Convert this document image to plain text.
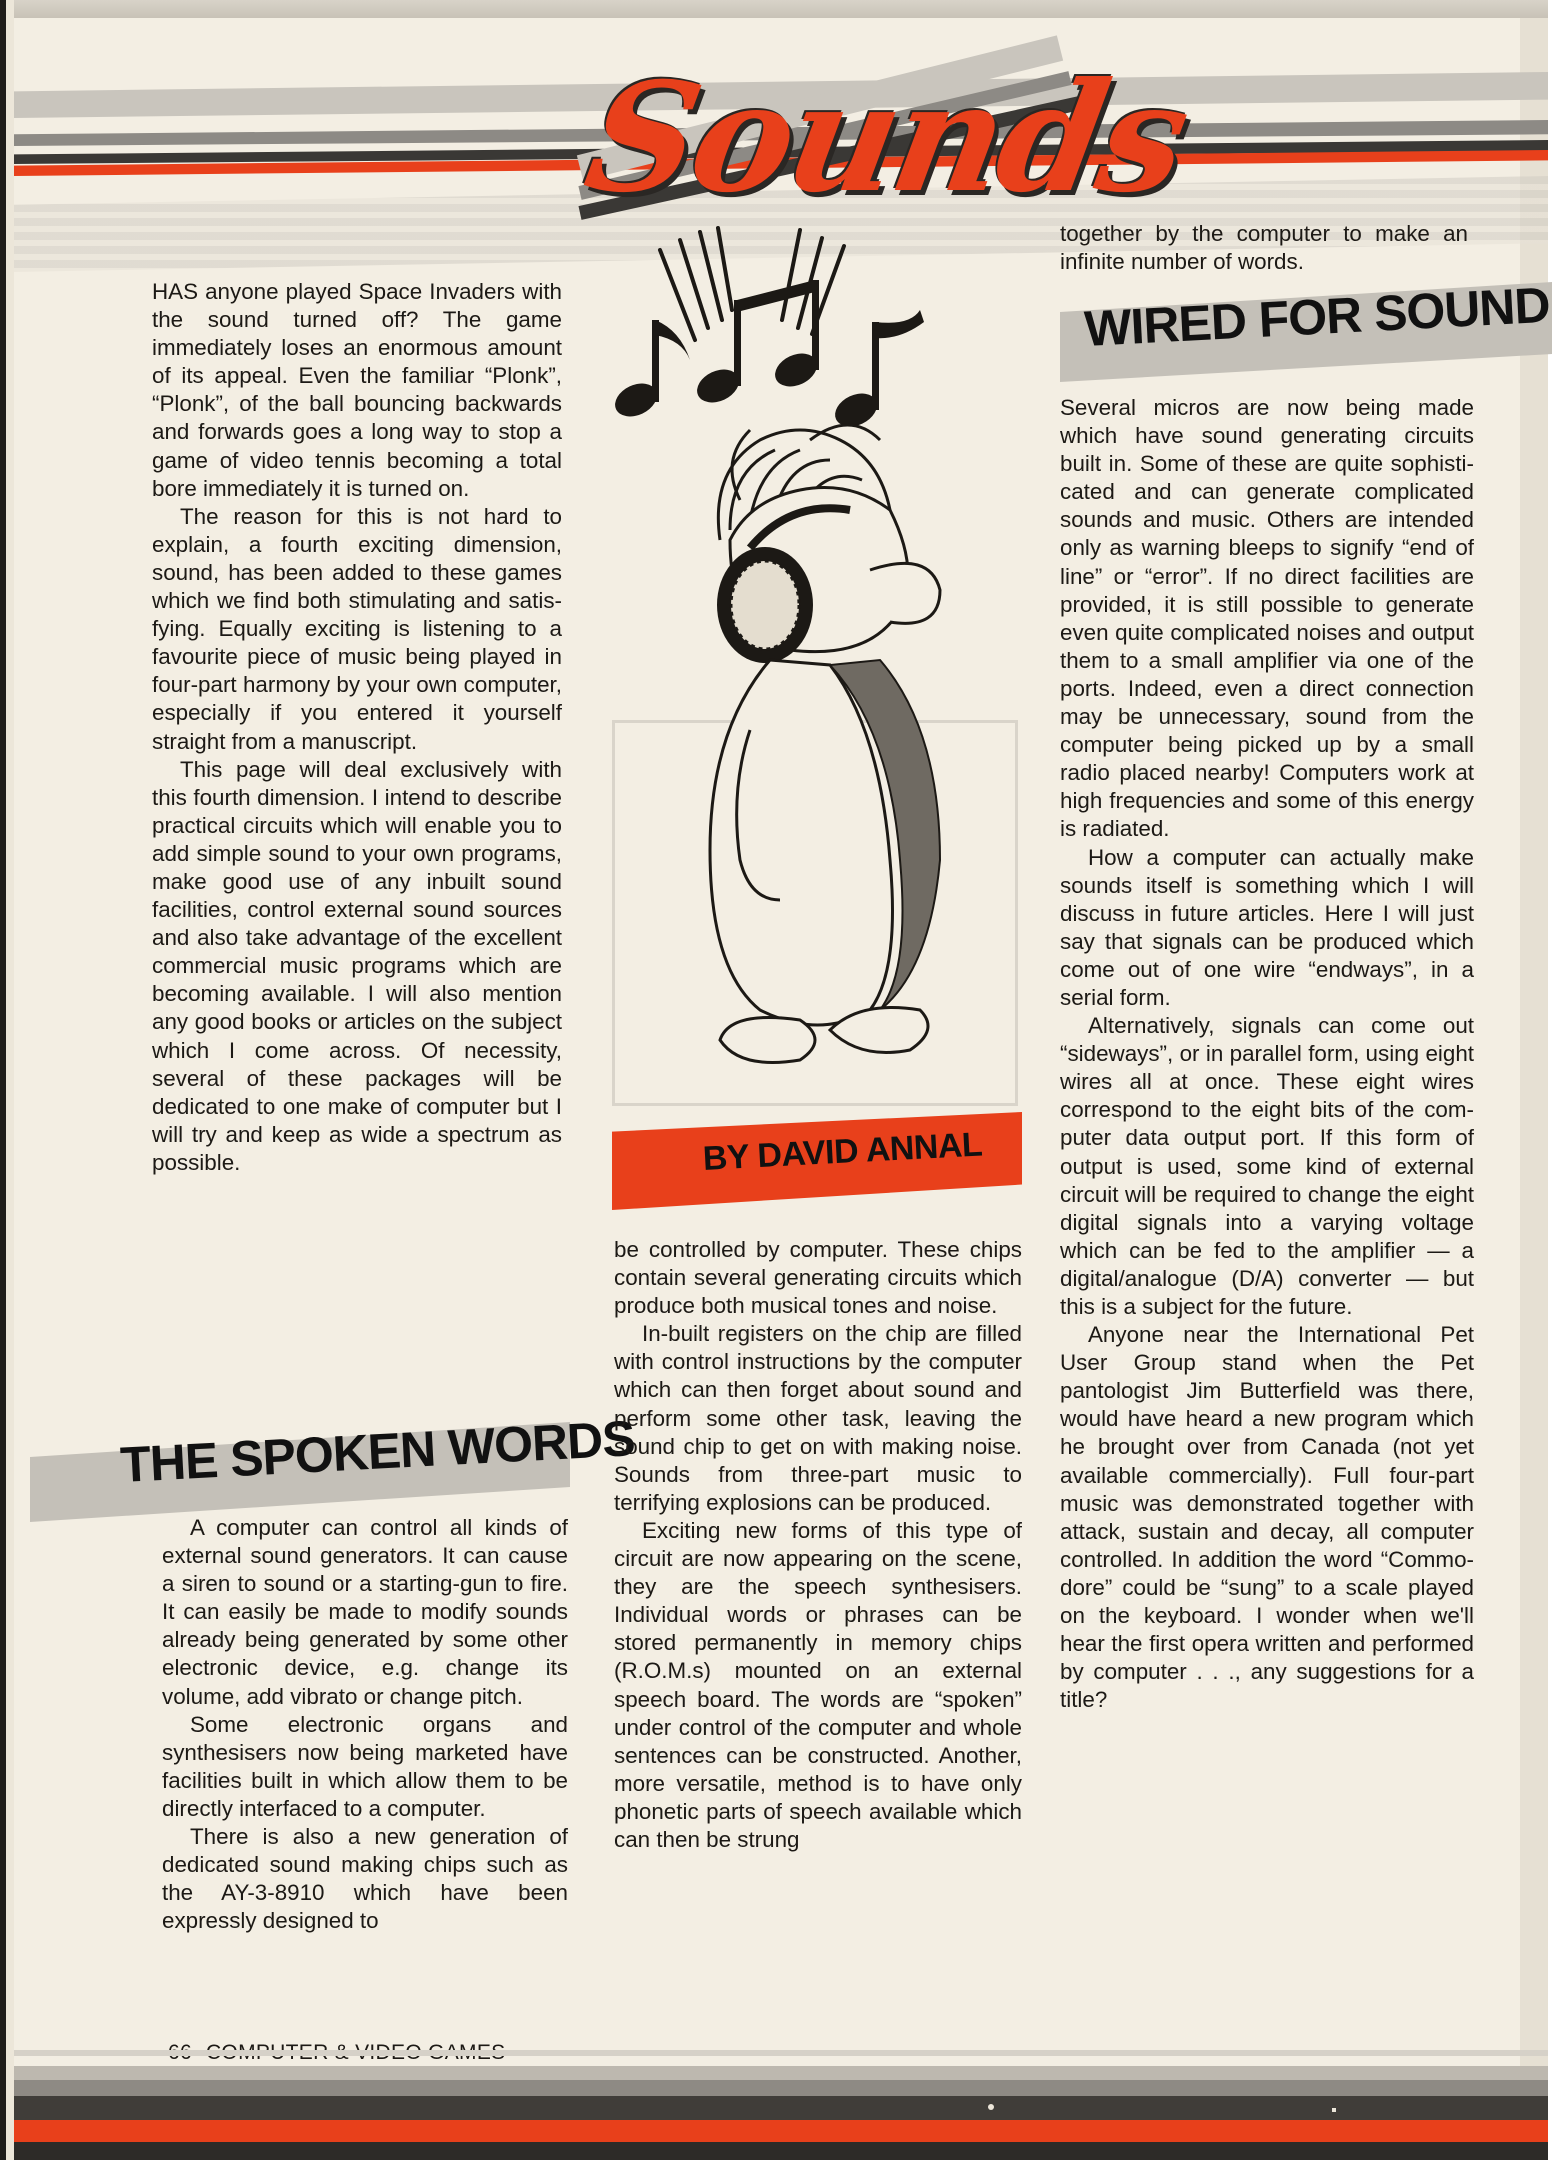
Sounds
BY DAVID ANNAL

HAS anyone played Space Invaders with the sound turned off? The game immediately loses an enormous amount of its appeal. Even the familiar “Plonk”, “Plonk”, of the ball bouncing backwards and forwards goes a long way to stop a game of video tennis becoming a total bore immediately it is turned on.

The reason for this is not hard to explain, a fourth exciting dimension, sound, has been added to these games which we find both stimulating and satisfying. Equally exciting is listening to a favourite piece of music being played in four-part harmony by your own computer, especially if you entered it yourself straight from a manuscript.

This page will deal exclusively with this fourth dimension. I intend to describe practical circuits which will enable you to add simple sound to your own programs, make good use of any inbuilt sound facilities, control external sound sources and also take advantage of the excellent commercial music programs which are becoming available. I will also mention any good books or articles on the subject which I come across. Of necessity, several of these packages will be dedicated to one make of computer but I will try and keep as wide a spectrum as possible.

THE SPOKEN WORDS

A computer can control all kinds of external sound generators. It can cause a siren to sound or a starting-gun to fire. It can easily be made to modify sounds already being generated by some other electronic device, e.g. change its volume, add vibrato or change pitch.

Some electronic organs and synthesisers now being marketed have facilities built in which allow them to be directly interfaced to a computer.

There is also a new generation of dedicated sound making chips such as the AY-3-8910 which have been expressly designed to

be controlled by computer. These chips contain several generating circuits which produce both musical tones and noise.

In-built registers on the chip are filled with control instructions by the computer which can then forget about sound and perform some other task, leaving the sound chip to get on with making noise. Sounds from three-part music to terrifying explosions can be produced.

Exciting new forms of this type of circuit are now appearing on the scene, they are the speech synthesisers. Individual words or phrases can be stored permanently in memory chips (R.O.M.s) mounted on an external speech board. The words are “spoken” under control of the computer and whole sentences can be constructed. Another, more versatile, method is to have only phonetic parts of speech available which can then be strung

together by the computer to make an infinite number of words.

WIRED FOR SOUND

Several micros are now being made which have sound generating circuits built in. Some of these are quite sophisticated and can generate complicated sounds and music. Others are intended only as warning bleeps to signify “end of line” or “error”. If no direct facilities are provided, it is still possible to generate even quite complicated noises and output them to a small amplifier via one of the ports. Indeed, even a direct connection may be unnecessary, sound from the computer being picked up by a small radio placed nearby! Computers work at high frequencies and some of this energy is radiated.

How a computer can actually make sounds itself is something which I will discuss in future articles. Here I will just say that signals can be produced which come out of one wire “endways”, in a serial form.

Alternatively, signals can come out “sideways”, or in parallel form, using eight wires all at once. These eight wires correspond to the eight bits of the computer data output port. If this form of output is used, some kind of external circuit will be required to change the eight digital signals into a varying voltage which can be fed to the amplifier — a digital/analogue (D/A) converter — but this is a subject for the future.

Anyone near the International Pet User Group stand when the Pet pantologist Jim Butterfield was there, would have heard a new program which he brought over from Canada (not yet available commercially). Full four-part music was demonstrated together with attack, sustain and decay, all computer controlled. In addition the word “Commodore” could be “sung” to a scale played on the keyboard. I wonder when we'll hear the first opera written and performed by computer . . ., any suggestions for a title?
